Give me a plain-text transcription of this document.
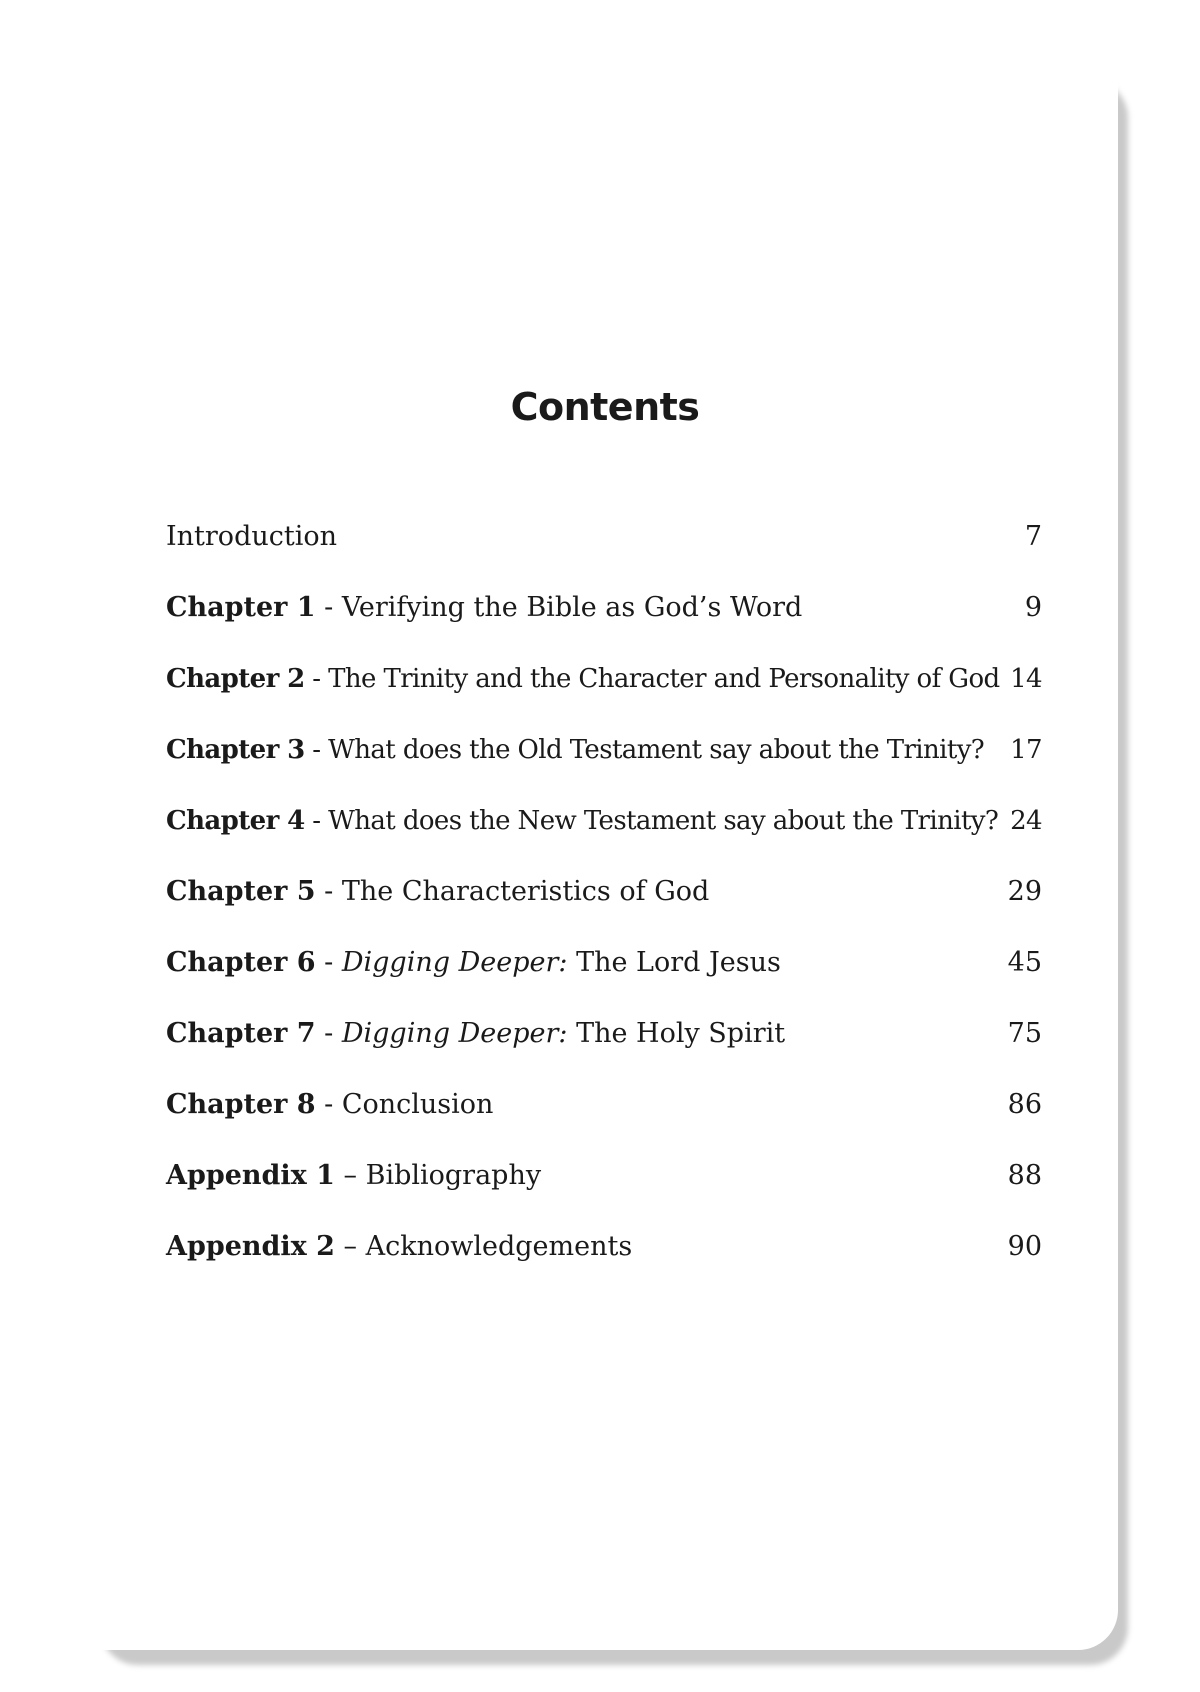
Contents
Introduction	7
Chapter 1 - Verifying the Bible as God’s Word	9
Chapter 2 - The Trinity and the Character and Personality of God 14
Chapter 3 - What does the Old Testament say about the Trinity? 17
Chapter 4 - What does the New Testament say about the Trinity? 24
Chapter 5 - The Characteristics of God	29
Chapter 6 - Digging Deeper: The Lord Jesus	45
Chapter 7 - Digging Deeper: The Holy Spirit	75
Chapter 8 - Conclusion	86
Appendix 1 – Bibliography	88
Appendix 2 – Acknowledgements	90
